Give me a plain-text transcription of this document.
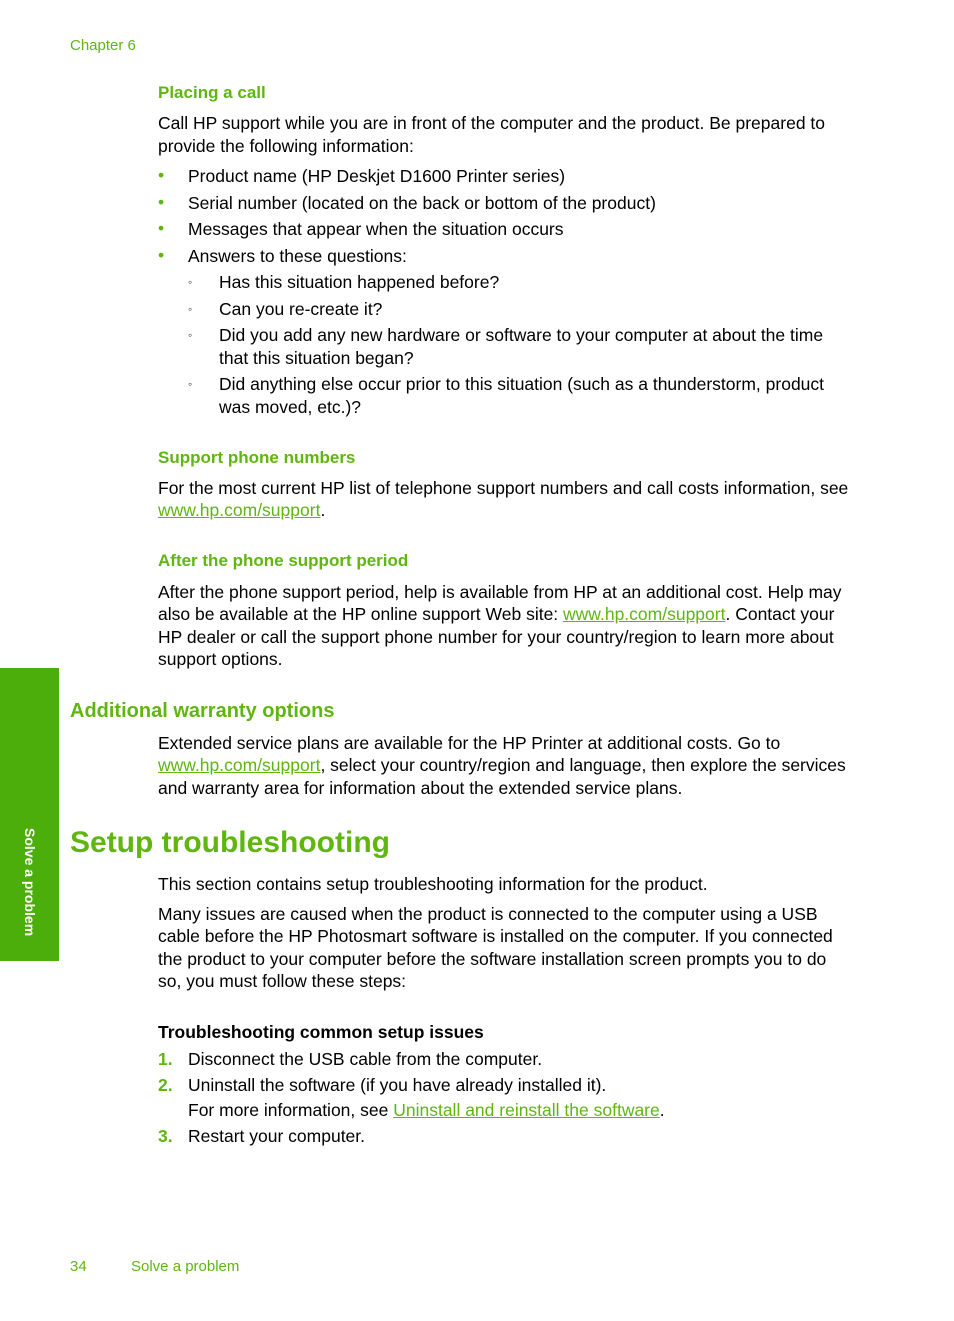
Chapter 6
Solve a problem
Placing a call
Call HP support while you are in front of the computer and the product. Be prepared to
provide the following information:
• Product name (HP Deskjet D1600 Printer series)
• Serial number (located on the back or bottom of the product)
• Messages that appear when the situation occurs
• Answers to these questions:
◦ Has this situation happened before?
◦ Can you re-create it?
◦ Did you add any new hardware or software to your computer at about the time
that this situation began?
◦ Did anything else occur prior to this situation (such as a thunderstorm, product
was moved, etc.)?
Support phone numbers
For the most current HP list of telephone support numbers and call costs information, see
www.hp.com/support.
After the phone support period
After the phone support period, help is available from HP at an additional cost. Help may
also be available at the HP online support Web site: www.hp.com/support. Contact your
HP dealer or call the support phone number for your country/region to learn more about
support options.
Additional warranty options
Extended service plans are available for the HP Printer at additional costs. Go to
www.hp.com/support, select your country/region and language, then explore the services
and warranty area for information about the extended service plans.
Setup troubleshooting
This section contains setup troubleshooting information for the product.
Many issues are caused when the product is connected to the computer using a USB
cable before the HP Photosmart software is installed on the computer. If you connected
the product to your computer before the software installation screen prompts you to do
so, you must follow these steps:
Troubleshooting common setup issues
1. Disconnect the USB cable from the computer.
2. Uninstall the software (if you have already installed it).
For more information, see Uninstall and reinstall the software.
3. Restart your computer.
34	Solve a problem
